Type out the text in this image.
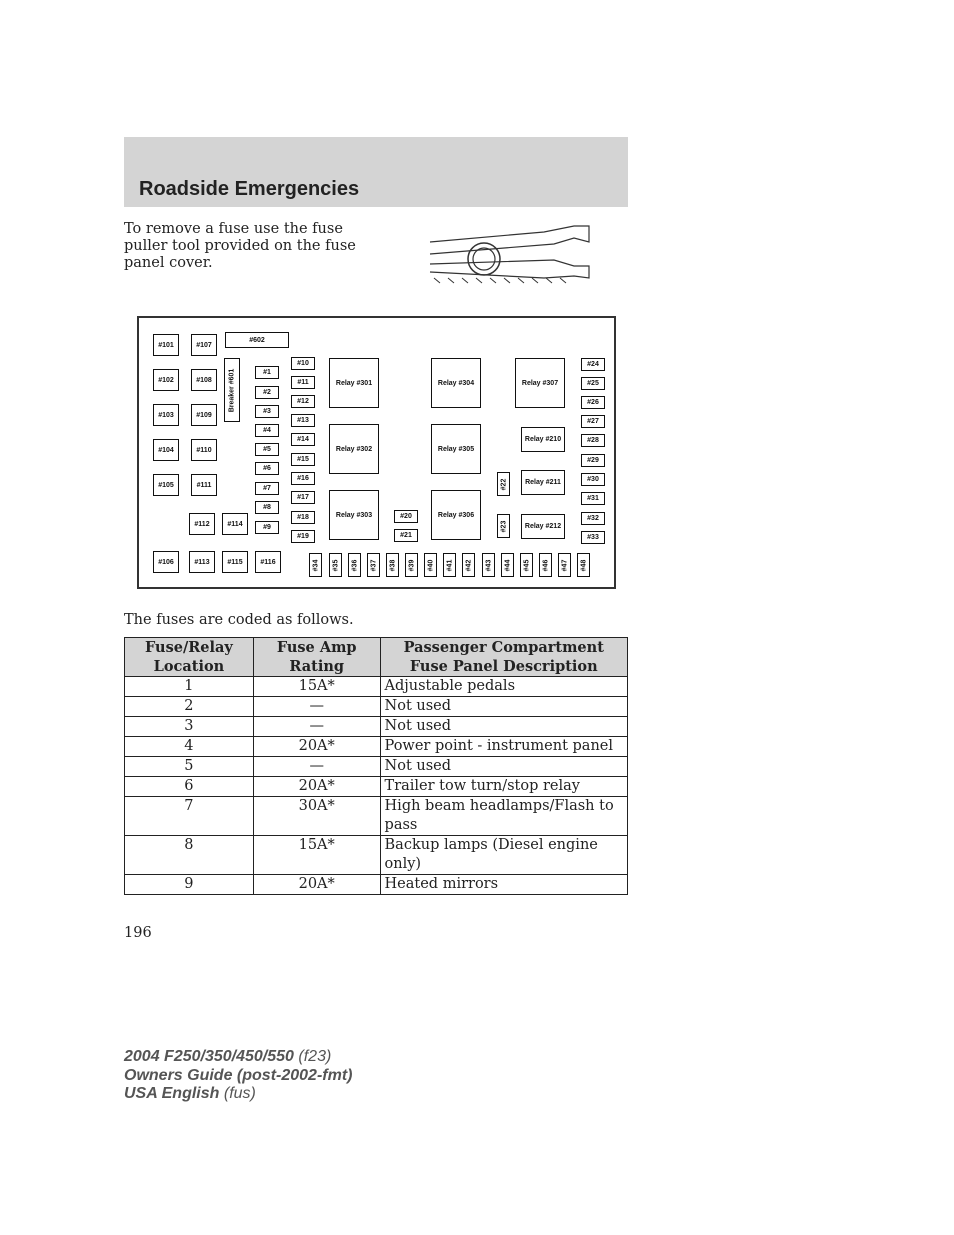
Roadside Emergencies

To remove a fuse use the fuse puller tool provided on the fuse panel cover.

#101	#107
#602
#102	#108
#103	#109
#104	#110
#105	#111
#112	#114
#106	#113	#115	#116
Breaker #601	#1
#2
#3
#4
#5
#6
#7
#8
#9
#10
#11
#12
#13
#14
#15
#16
#17
#18
#19
#20
#21
#22
#23
Relay #301
Relay #302
Relay #303
Relay #304
Relay #305
Relay #306
Relay #307
Relay #210
Relay #211
Relay #212
#24
#25
#26
#27
#28
#29
#30
#31
#32
#33
#34 #35 #36 #37 #38 #39 #40 #41 #42 #43 #44 #45 #46 #47 #48

The fuses are coded as follows.

Fuse/Relay Location	Fuse Amp Rating	Passenger Compartment Fuse Panel Description
1	15A*	Adjustable pedals
2	—	Not used
3	—	Not used
4	20A*	Power point - instrument panel
5	—	Not used
6	20A*	Trailer tow turn/stop relay
7	30A*	High beam headlamps/Flash to pass
8	15A*	Backup lamps (Diesel engine only)
9	20A*	Heated mirrors

196

2004 F250/350/450/550 (f23)
Owners Guide (post-2002-fmt)
USA English (fus)
